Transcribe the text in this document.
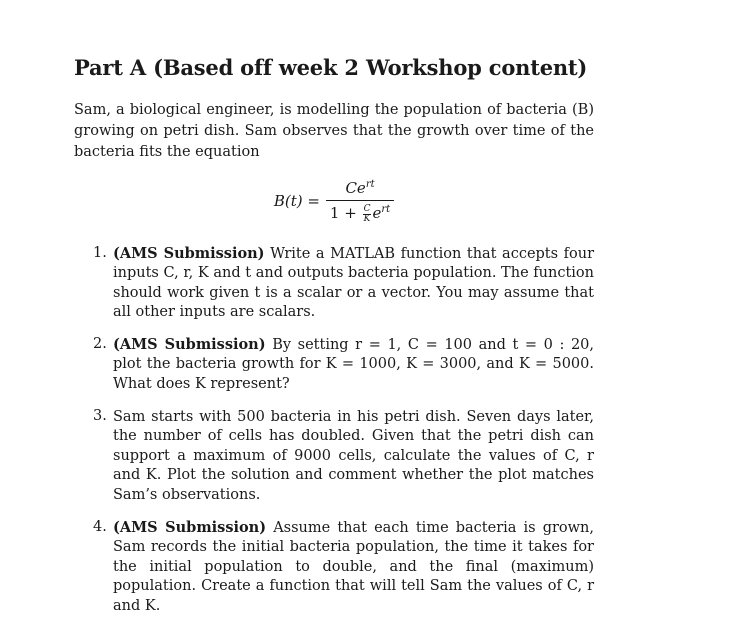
Part A (Based off week 2 Workshop content)

Sam, a biological engineer, is modelling the population of bacteria (B) growing on petri dish. Sam observes that the growth over time of the bacteria fits the equation

$B(t) = \frac{Ce^{rt}}{1 + \frac{C}{K} e^{rt}}$
1. (AMS Submission) Write a MATLAB function that accepts four inputs C, r, K and t and outputs bacteria population. The function should work given t is a scalar or a vector. You may assume that all other inputs are scalars.
2. (AMS Submission) By setting r = 1, C = 100 and t = 0 : 20, plot the bacteria growth for K = 1000, K = 3000, and K = 5000. What does K represent?
3. Sam starts with 500 bacteria in his petri dish. Seven days later, the number of cells has doubled. Given that the petri dish can support a maximum of 9000 cells, calculate the values of C, r and K. Plot the solution and comment whether the plot matches Sam’s observations.
4. (AMS Submission) Assume that each time bacteria is grown, Sam records the initial bacteria population, the time it takes for the initial population to double, and the final (maximum) population. Create a function that will tell Sam the values of C, r and K.
